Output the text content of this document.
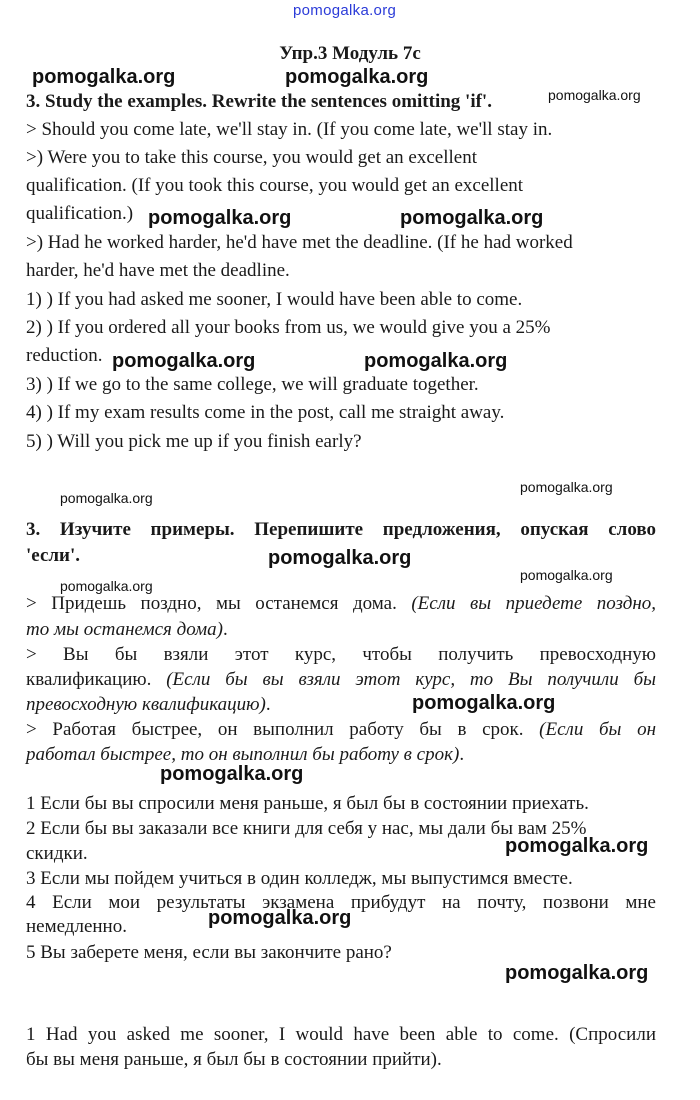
pomogalka.org
Упр.3 Модуль 7с
3. Study the examples. Rewrite the sentences omitting 'if'.
> Should you come late, we'll stay in. (If you come late, we'll stay in.
>) Were you to take this course, you would get an excellent
qualification. (If you took this course, you would get an excellent
qualification.)
>) Had he worked harder, he'd have met the deadline. (If he had worked
harder, he'd have met the deadline.
1) ) If you had asked me sooner, I would have been able to come.
2) ) If you ordered all your books from us, we would give you a 25%
reduction.
3) ) If we go to the same college, we will graduate together.
4) ) If my exam results come in the post, call me straight away.
5) ) Will you pick me up if you finish early?
3. Изучите примеры. Перепишите предложения, опуская слово
'если'.
> Придешь поздно, мы останемся дома. (Если вы приедете поздно,
то мы останемся дома).
> Вы бы взяли этот курс, чтобы получить превосходную
квалификацию. (Если бы вы взяли этот курс, то Вы получили бы
превосходную квалификацию).
> Работая быстрее, он выполнил работу бы в срок. (Если бы он
работал быстрее, то он выполнил бы работу в срок).
1 Если бы вы спросили меня раньше, я был бы в состоянии приехать.
2 Если бы вы заказали все книги для себя у нас, мы дали бы вам 25%
скидки.
3 Если мы пойдем учиться в один колледж, мы выпустимся вместе.
4 Если мои результаты экзамена прибудут на почту, позвони мне
немедленно.
5 Вы заберете меня, если вы закончите рано?
1 Had you asked me sooner, I would have been able to come. (Спросили
бы вы меня раньше, я был бы в состоянии прийти).
pomogalka.org	pomogalka.org
pomogalka.org
pomogalka.org	pomogalka.org
pomogalka.org	pomogalka.org
pomogalka.org
pomogalka.org
pomogalka.org
pomogalka.org
pomogalka.org
pomogalka.org
pomogalka.org
pomogalka.org
pomogalka.org
pomogalka.org
